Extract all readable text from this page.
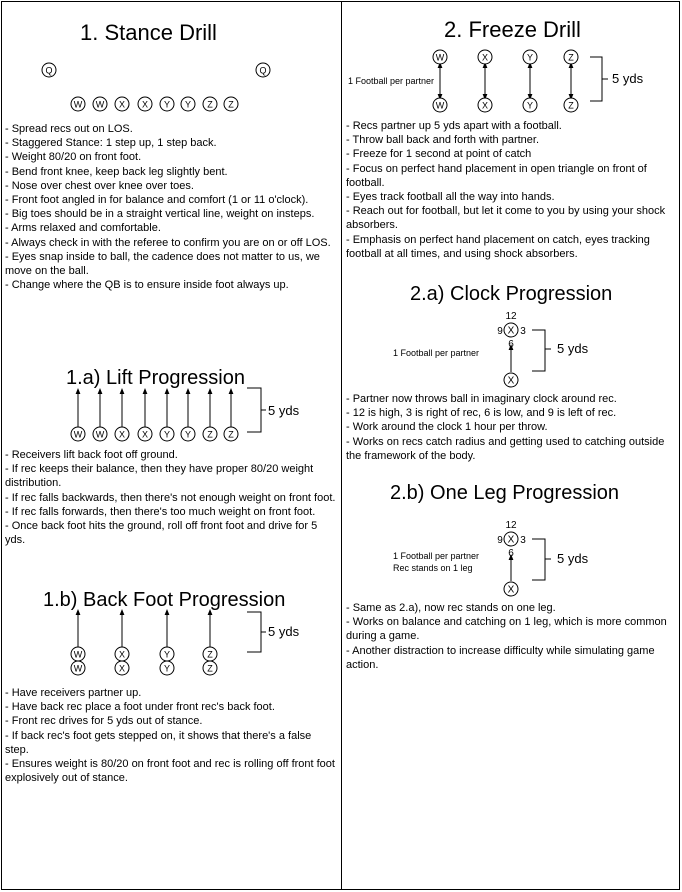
1. Stance Drill
Q	Q
W W X X Y Y Z Z
- Spread recs out on LOS.
- Staggered Stance: 1 step up, 1 step back.
- Weight 80/20 on front foot.
- Bend front knee, keep back leg slightly bent.
- Nose over chest over knee over toes.
- Front foot angled in for balance and comfort (1 or 11 o'clock).
- Big toes should be in a straight vertical line, weight on insteps.
- Arms relaxed and comfortable.
- Always check in with the referee to confirm you are on or off LOS.
- Eyes snap inside to ball, the cadence does not matter to us, we move on the ball.
- Change where the QB is to ensure inside foot always up.
1.a) Lift Progression
W W X X Y Y Z Z
5 yds
- Receivers lift back foot off ground.
- If rec keeps their balance, then they have proper 80/20 weight distribution.
- If rec falls backwards, then there's not enough weight on front foot.
- If rec falls forwards, then there's too much weight on front foot.
- Once back foot hits the ground, roll off front foot and drive for 5 yds.
1.b) Back Foot Progression
W	X	Y	Z
W	X	Y	Z
5 yds
- Have receivers partner up.
- Have back rec place a foot under front rec's back foot.
- Front rec drives for 5 yds out of stance.
- If back rec's foot gets stepped on, it shows that there's a false step.
- Ensures weight is 80/20 on front foot and rec is rolling off front foot explosively out of stance.
2. Freeze Drill
W	X	Y	Z
W	X	Y	Z
1 Football per partner	5 yds
- Recs partner up 5 yds apart with a football.
- Throw ball back and forth with partner.
- Freeze for 1 second at point of catch
- Focus on perfect hand placement in open triangle on front of football.
- Eyes track football all the way into hands.
- Reach out for football, but let it come to you by using your shock absorbers.
- Emphasis on perfect hand placement on catch, eyes tracking football at all times, and using shock absorbers.
2.a) Clock Progression
X
X
12
3
6
9
1 Football per partner	5 yds
- Partner now throws ball in imaginary clock around rec.
- 12 is high, 3 is right of rec, 6 is low, and 9 is left of rec.
- Work around the clock 1 hour per throw.
- Works on recs catch radius and getting used to catching outside the framework of the body.
2.b) One Leg Progression
X
X
12
3
6
9
1 Football per partner
Rec stands on 1 leg
5 yds
- Same as 2.a), now rec stands on one leg.
- Works on balance and catching on 1 leg, which is more common during a game.
- Another distraction to increase difficulty while simulating game action.
